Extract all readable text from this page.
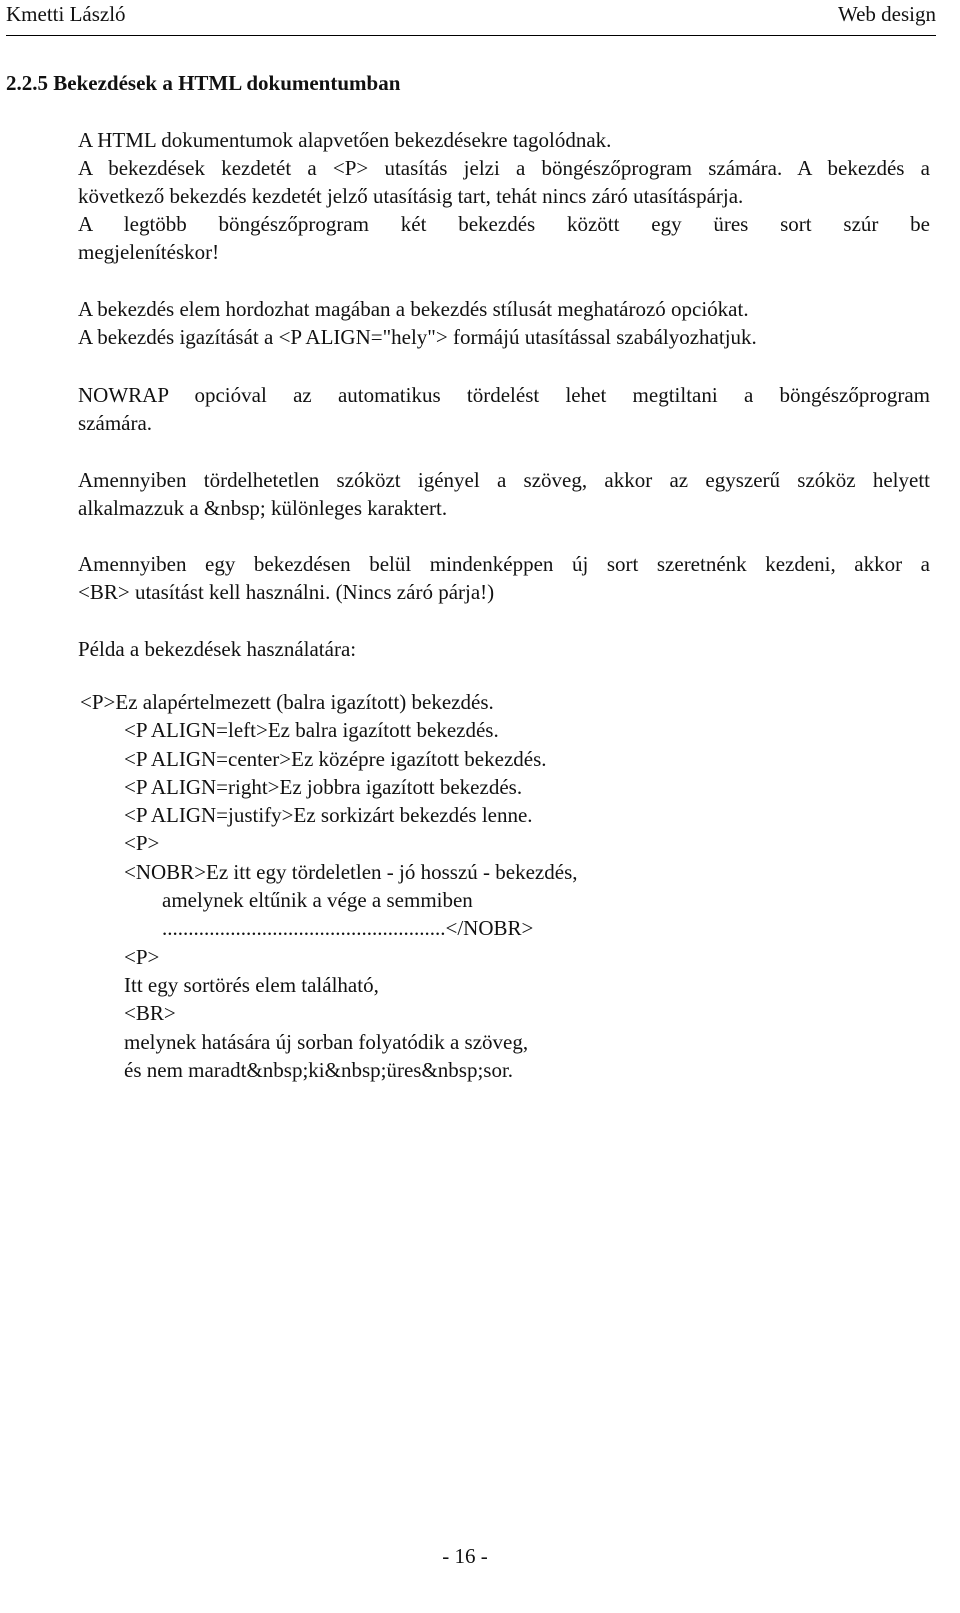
Kmetti László	Web design
2.2.5 Bekezdések a HTML dokumentumban
A HTML dokumentumok alapvetően bekezdésekre tagolódnak.
A bekezdések kezdetét a <P> utasítás jelzi a böngészőprogram számára. A bekezdés a
következő bekezdés kezdetét jelző utasításig tart, tehát nincs záró utasításpárja.
A legtöbb böngészőprogram két bekezdés között egy üres sort szúr be
megjelenítéskor!
A bekezdés elem hordozhat magában a bekezdés stílusát meghatározó opciókat.
A bekezdés igazítását a <P ALIGN="hely"> formájú utasítással szabályozhatjuk.
NOWRAP opcióval az automatikus tördelést lehet megtiltani a böngészőprogram
számára.
Amennyiben tördelhetetlen szóközt igényel a szöveg, akkor az egyszerű szóköz helyett
alkalmazzuk a &nbsp; különleges karaktert.
Amennyiben egy bekezdésen belül mindenképpen új sort szeretnénk kezdeni, akkor a
<BR> utasítást kell használni. (Nincs záró párja!)
Példa a bekezdések használatára:
<P>Ez alapértelmezett (balra igazított) bekezdés.
<P ALIGN=left>Ez balra igazított bekezdés.
<P ALIGN=center>Ez középre igazított bekezdés.
<P ALIGN=right>Ez jobbra igazított bekezdés.
<P ALIGN=justify>Ez sorkizárt bekezdés lenne.
<P>
<NOBR>Ez itt egy tördeletlen - jó hosszú - bekezdés,
amelynek eltűnik a vége a semmiben
......................................................</NOBR>
<P>
Itt egy sortörés elem található,
<BR>
melynek hatására új sorban folyatódik a szöveg,
és nem maradt&nbsp;ki&nbsp;üres&nbsp;sor.
- 16 -
